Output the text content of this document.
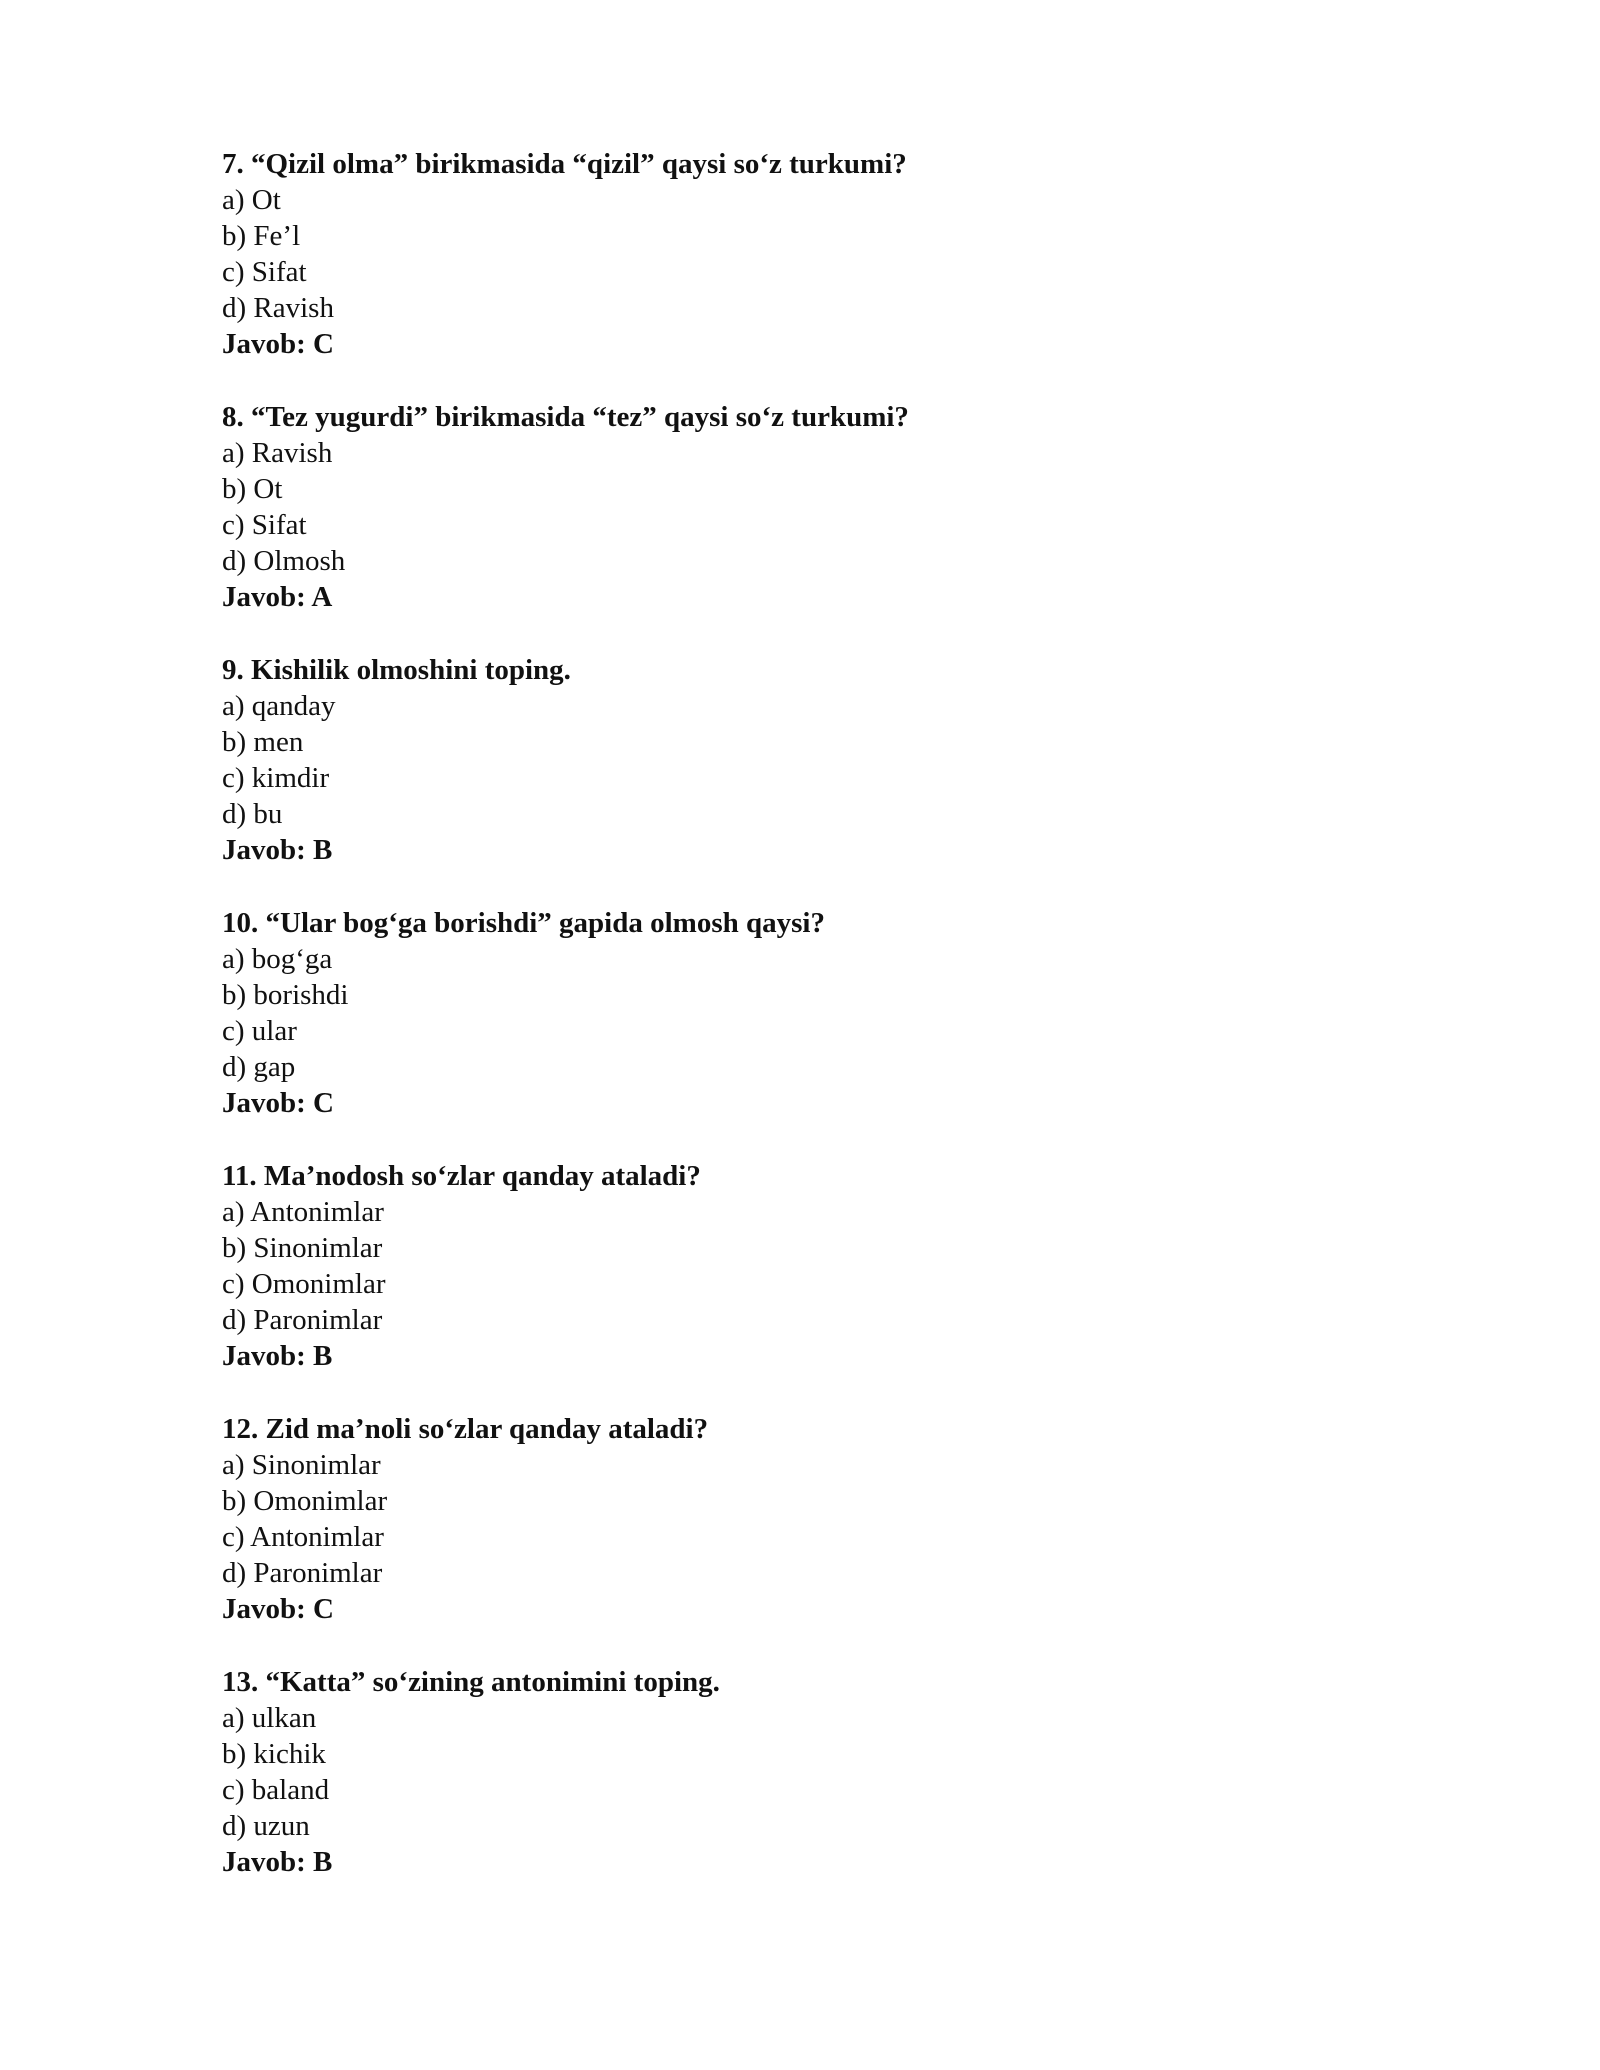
7. “Qizil olma” birikmasida “qizil” qaysi so‘z turkumi?
a) Ot
b) Fe’l
c) Sifat
d) Ravish
Javob: C
8. “Tez yugurdi” birikmasida “tez” qaysi so‘z turkumi?
a) Ravish
b) Ot
c) Sifat
d) Olmosh
Javob: A
9. Kishilik olmoshini toping.
a) qanday
b) men
c) kimdir
d) bu
Javob: B
10. “Ular bog‘ga borishdi” gapida olmosh qaysi?
a) bog‘ga
b) borishdi
c) ular
d) gap
Javob: C
11. Ma’nodosh so‘zlar qanday ataladi?
a) Antonimlar
b) Sinonimlar
c) Omonimlar
d) Paronimlar
Javob: B
12. Zid ma’noli so‘zlar qanday ataladi?
a) Sinonimlar
b) Omonimlar
c) Antonimlar
d) Paronimlar
Javob: C
13. “Katta” so‘zining antonimini toping.
a) ulkan
b) kichik
c) baland
d) uzun
Javob: B
